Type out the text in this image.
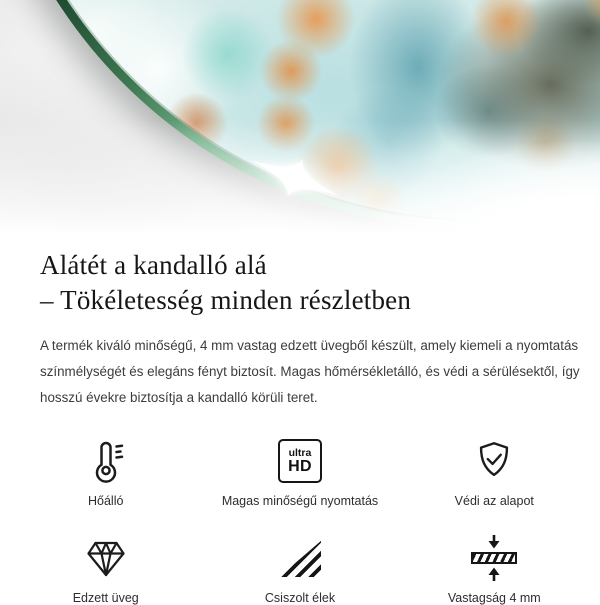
Alátét a kandalló alá
– Tökéletesség minden részletben

A termék kiváló minőségű, 4 mm vastag edzett üvegből készült, amely kiemeli a nyomtatás
színmélységét és elegáns fényt biztosít. Magas hőmérsékletálló, és védi a sérülésektől, így
hosszú évekre biztosítja a kandalló körüli teret.

Hőálló
ultra
HD
Magas minőségű nyomtatás	Védi az alapot
Edzett üveg	Csiszolt élek	Vastagság 4 mm
